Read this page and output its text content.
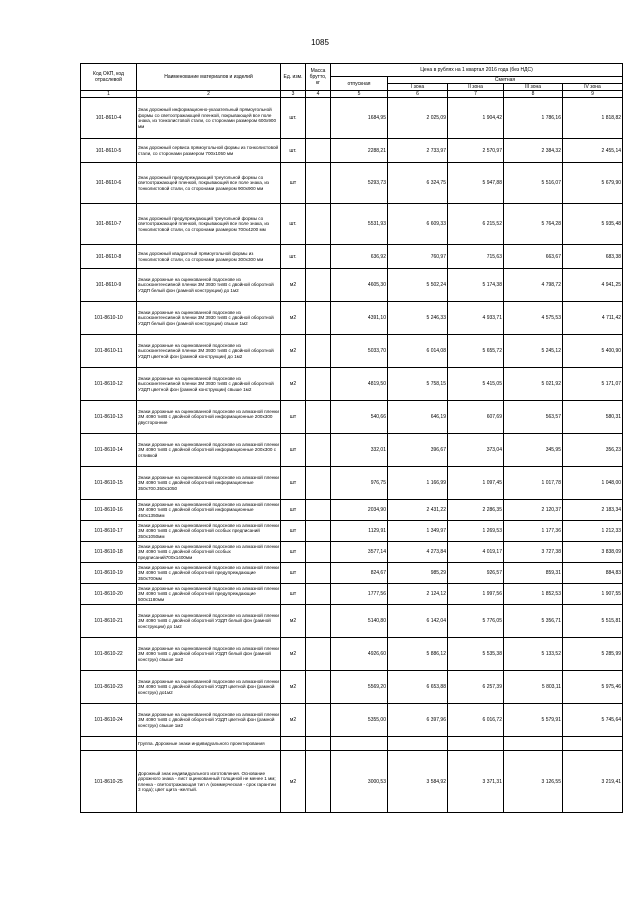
1085
Код ОКП, код отраслевой	Наименование материалов и изделий	Ед. изм.	Масса брутто, кг	Цена в рублях на 1 квартал 2016 года (без НДС)				
				отпускная	Сметная			
					I зона	II зона	III зона	IV зона
1	2	3	4	5	6	7	8	9
101-8610-4	Знак дорожный информационно-указательный прямоугольной формы со светоотражающей пленкой, покрывающей все поле знака, из тонколистовой стали, со сторонами размером 600x900 мм	шт.		1684,95	2 025,09	1 904,42	1 786,16	1 818,82
101-8610-5	Знак дорожный сервиса прямоугольной формы из тонколистовой стали, со сторонами размером 700x1050 мм	шт.		2288,21	2 733,97	2 570,97	2 384,32	2 455,14
101-8610-6	Знак дорожный предупреждающий треугольной формы со светоотражающей пленкой, покрывающей все поле знака, из тонколистовой стали, со сторонами размером 900x900 мм	шт		5293,73	6 324,75	5 947,88	5 516,07	5 679,90
101-8610-7	Знак дорожный предупреждающий треугольной формы со светоотражающей пленкой, покрывающей все поле знака, из тонколистовой стали, со сторонами размером 700x4200 мм	шт.		5531,93	6 609,33	6 215,52	5 764,28	5 935,48
101-8610-8	Знак дорожный квадратный прямоугольной формы из тонколистовой стали, со сторонами размером 300x300 мм	шт.		636,92	760,97	715,63	663,67	683,38
101-8610-9	Знаки дорожные на оцинкованной подоснове из высокоинтенсивной пленки 3М 3930 типВ с двойной оборотной УЗДП белый фон (рамной конструкции) до 1м2	м2		4605,30	5 502,24	5 174,38	4 798,72	4 941,25
101-8610-10	Знаки дорожные на оцинкованной подоснове из высокоинтенсивной пленки 3М 3930 типВ с двойной оборотной УЗДП белый фон (рамной конструкции) свыше 1м2	м2		4391,10	5 246,33	4 933,71	4 575,53	4 711,42
101-8610-11	Знаки дорожные на оцинкованной подоснове из высокоинтенсивной пленки 3М 3930 типВ с двойной оборотной УЗДП цветной фон (рамной конструкции) до 1м2	м2		5033,70	6 014,08	5 655,72	5 245,12	5 400,90
101-8610-12	Знаки дорожные на оцинкованной подоснове из высокоинтенсивной пленки 3М 3930 типВ с двойной оборотной УЗДП цветной фон (рамной конструкции) свыше 1м2	м2		4819,50	5 758,15	5 415,05	5 021,92	5 171,07
101-8610-13	Знаки дорожные на оцинкованной подоснове из алмазной пленки 3М 4090 типВ с двойной оборотной информационные 200x300 двусторонние	шт		540,66	646,19	607,69	563,57	580,31
101-8610-14	Знаки дорожные на оцинкованной подоснове из алмазной пленки 3М 4090 типВ с двойной оборотной информационные 200x300 с отливкой	шт		332,01	396,67	373,04	345,95	356,23
101-8610-15	Знаки дорожные на оцинкованной подоснове из алмазной пленки 3М 4090 типВ с двойной оборотной информационные 350x700.350x1050	шт		976,75	1 166,99	1 097,45	1 017,78	1 048,00
101-8610-16	Знаки дорожные на оцинкованной подоснове из алмазной пленки 3М 4090 типВ с двойной оборотной информационные 450x1350мм	шт		2034,90	2 431,22	2 286,35	2 120,37	2 183,34
101-8610-17	Знаки дорожные на оцинкованной подоснове из алмазной пленки 3М 4090 типВ с двойной оборотной особых предписаний 350x1050мм	шт		1129,91	1 349,97	1 269,53	1 177,36	1 212,33
101-8610-18	Знаки дорожные на оцинкованной подоснове из алмазной пленки 3М 4090 типВ с двойной оборотной особых предписаний700x1400мм	шт		3577,14	4 273,84	4 019,17	3 727,38	3 838,09
101-8610-19	Знаки дорожные на оцинкованной подоснове из алмазной пленки 3М 4090 типВ с двойной оборотной предупреждающие 350x700мм	шт		824,67	985,29	926,57	859,31	884,83
101-8610-20	Знаки дорожные на оцинкованной подоснове из алмазной пленки 3М 4090 типВ с двойной оборотной предупреждающие 500x1180мм	шт		1777,56	2 124,12	1 997,56	1 852,53	1 907,55
101-8610-21	Знаки дорожные на оцинкованной подоснове из алмазной пленки 3М 4090 типВ с двойной оборотной УЗДП белый фон (рамной конструкции) до 1м2	м2		5140,80	6 142,04	5 776,05	5 356,71	5 515,81
101-8610-22	Знаки дорожные на оцинкованной подоснове из алмазной пленки 3М 4090 типВ с двойной оборотной УЗДП белый фон (рамной конструк) свыше 1м2	м2		4926,60	5 886,12	5 535,38	5 133,52	5 285,99
101-8610-23	Знаки дорожные на оцинкованной подоснове из алмазной пленки 3М 4090 типВ с двойной оборотной УЗДП цветной фон (рамной конструк) до1м2	м2		5569,20	6 653,88	6 257,39	5 803,11	5 975,46
101-8610-24	Знаки дорожные на оцинкованной подоснове из алмазной пленки 3М 4090 типВ с двойной оборотной УЗДП цветной фон (рамной конструк) свыше 1м2	м2		5355,00	6 397,96	6 016,72	5 579,91	5 745,64
	Группа. Дорожные знаки индивидуального проектирования							
101-8610-25	Дорожный знак индивидуального изготовления. Основание дорожного знака - лист оцинкованный толщиной не менее 1 мм; пленка - светоотражающая тип А (коммерческая - срок гарантии 3 года); цвет щита -желтый.	м2		3000,53	3 584,92	3 371,31	3 126,55	3 219,41
